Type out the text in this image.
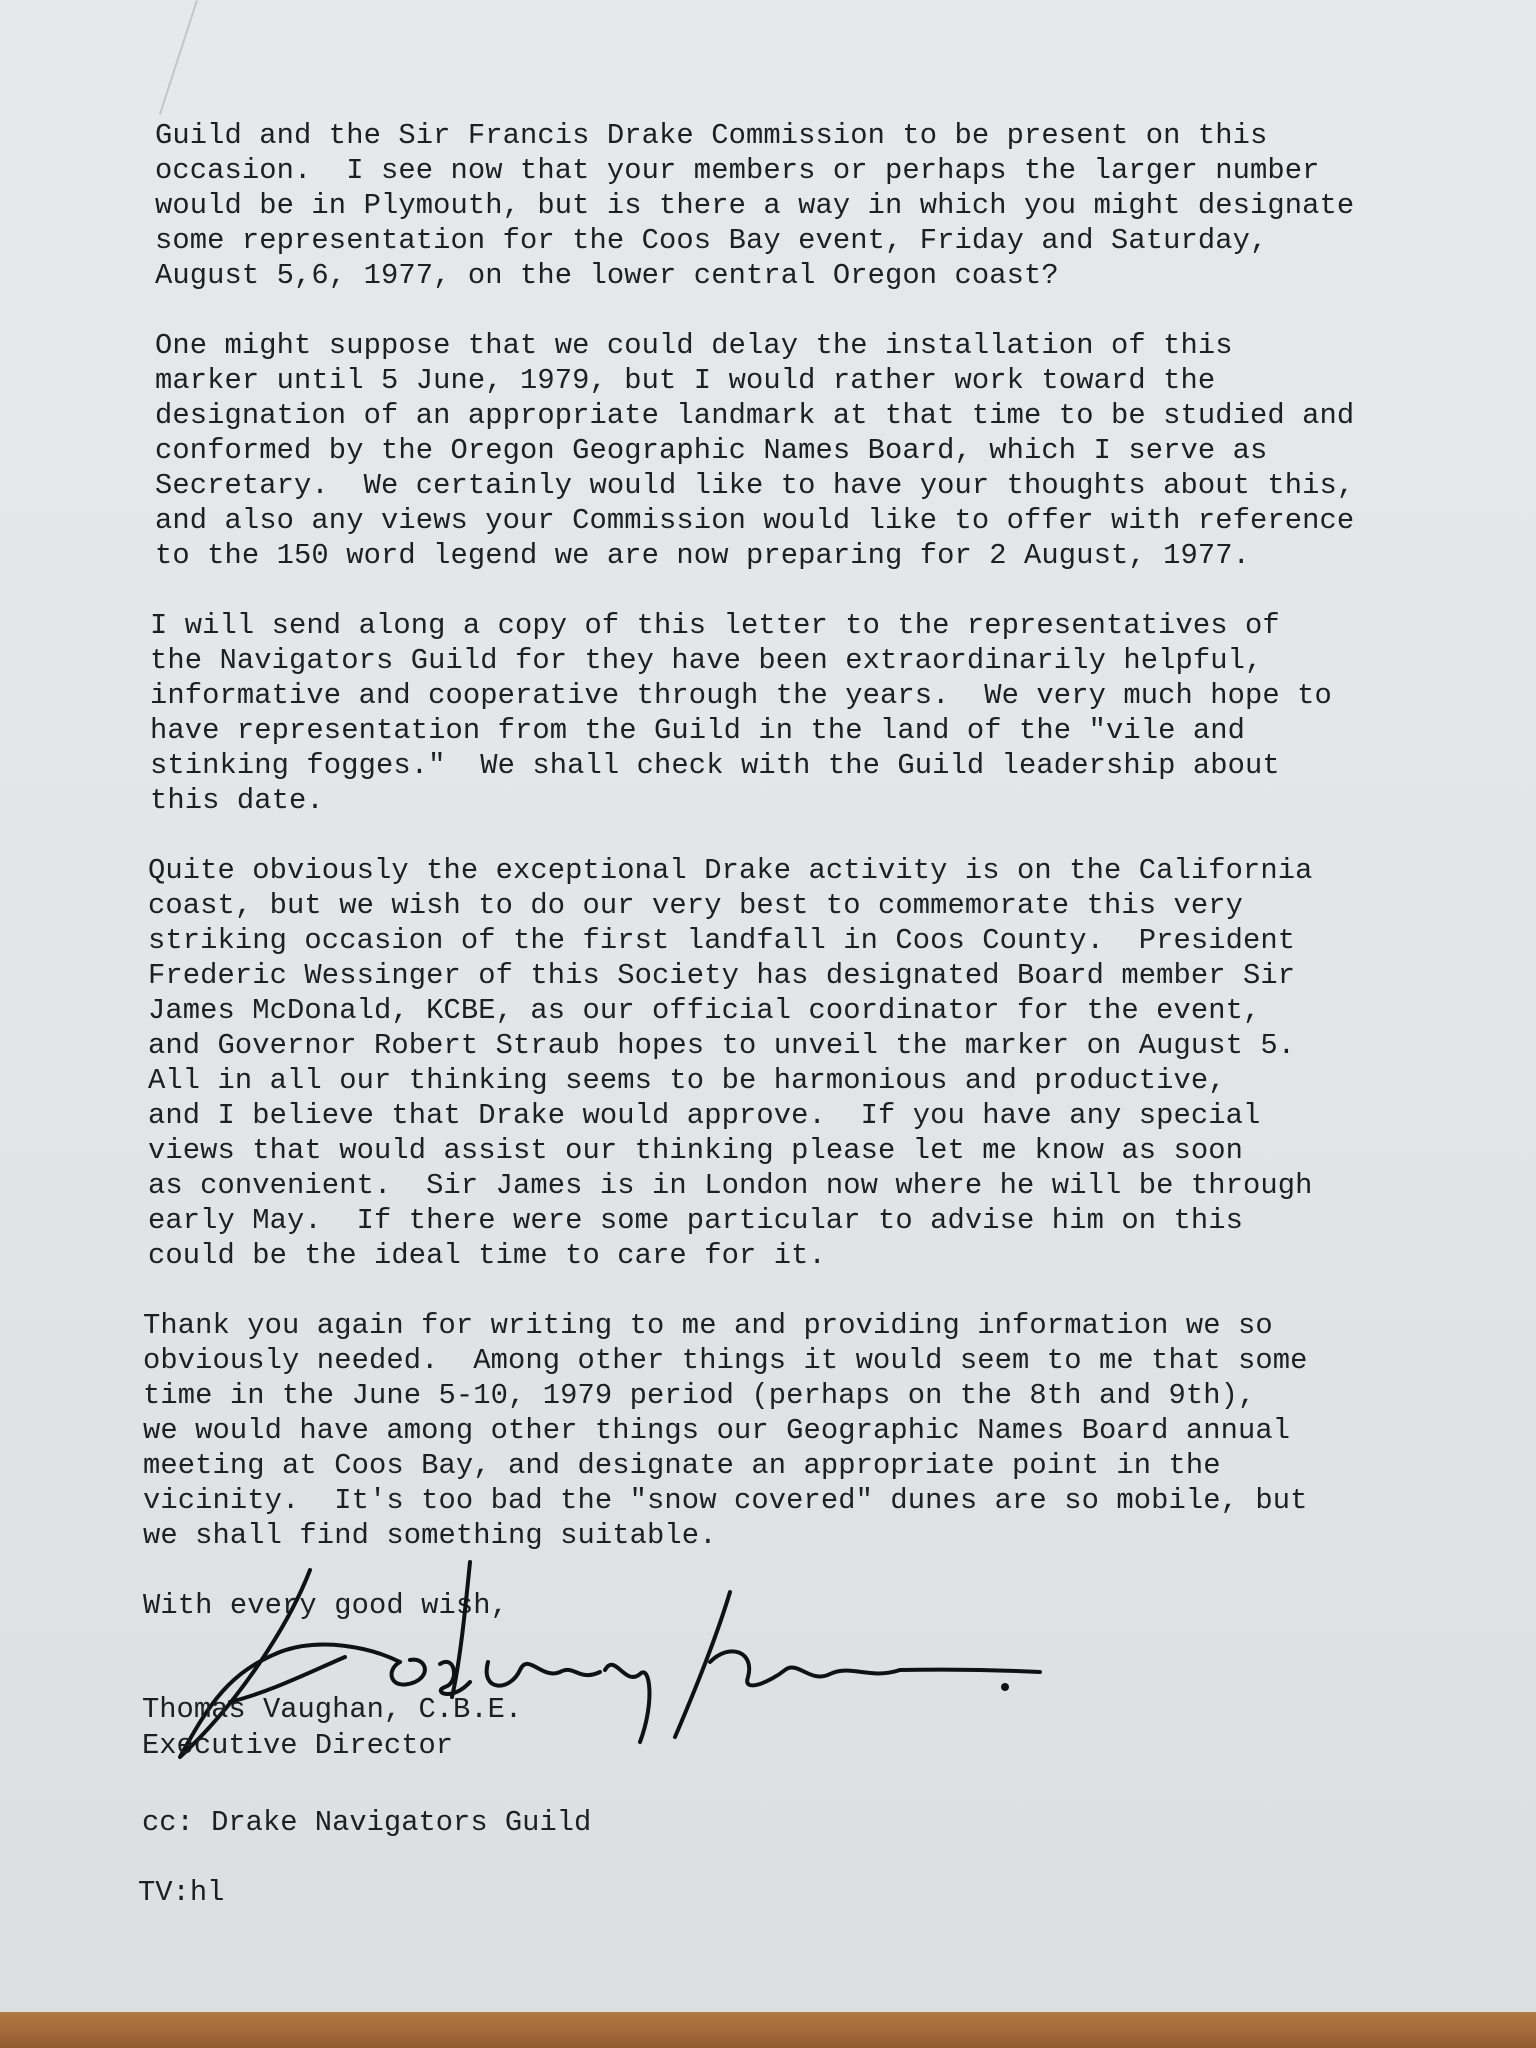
Guild and the Sir Francis Drake Commission to be present on this
occasion.  I see now that your members or perhaps the larger number
would be in Plymouth, but is there a way in which you might designate
some representation for the Coos Bay event, Friday and Saturday,
August 5,6, 1977, on the lower central Oregon coast?
One might suppose that we could delay the installation of this
marker until 5 June, 1979, but I would rather work toward the
designation of an appropriate landmark at that time to be studied and
conformed by the Oregon Geographic Names Board, which I serve as
Secretary.  We certainly would like to have your thoughts about this,
and also any views your Commission would like to offer with reference
to the 150 word legend we are now preparing for 2 August, 1977.
I will send along a copy of this letter to the representatives of
the Navigators Guild for they have been extraordinarily helpful,
informative and cooperative through the years.  We very much hope to
have representation from the Guild in the land of the "vile and
stinking fogges."  We shall check with the Guild leadership about
this date.
Quite obviously the exceptional Drake activity is on the California
coast, but we wish to do our very best to commemorate this very
striking occasion of the first landfall in Coos County.  President
Frederic Wessinger of this Society has designated Board member Sir
James McDonald, KCBE, as our official coordinator for the event,
and Governor Robert Straub hopes to unveil the marker on August 5.
All in all our thinking seems to be harmonious and productive,
and I believe that Drake would approve.  If you have any special
views that would assist our thinking please let me know as soon
as convenient.  Sir James is in London now where he will be through
early May.  If there were some particular to advise him on this
could be the ideal time to care for it.
Thank you again for writing to me and providing information we so
obviously needed.  Among other things it would seem to me that some
time in the June 5-10, 1979 period (perhaps on the 8th and 9th),
we would have among other things our Geographic Names Board annual
meeting at Coos Bay, and designate an appropriate point in the
vicinity.  It's too bad the "snow covered" dunes are so mobile, but
we shall find something suitable.
With every good wish,
Thomas Vaughan, C.B.E.
Executive Director
cc: Drake Navigators Guild
TV:hl
